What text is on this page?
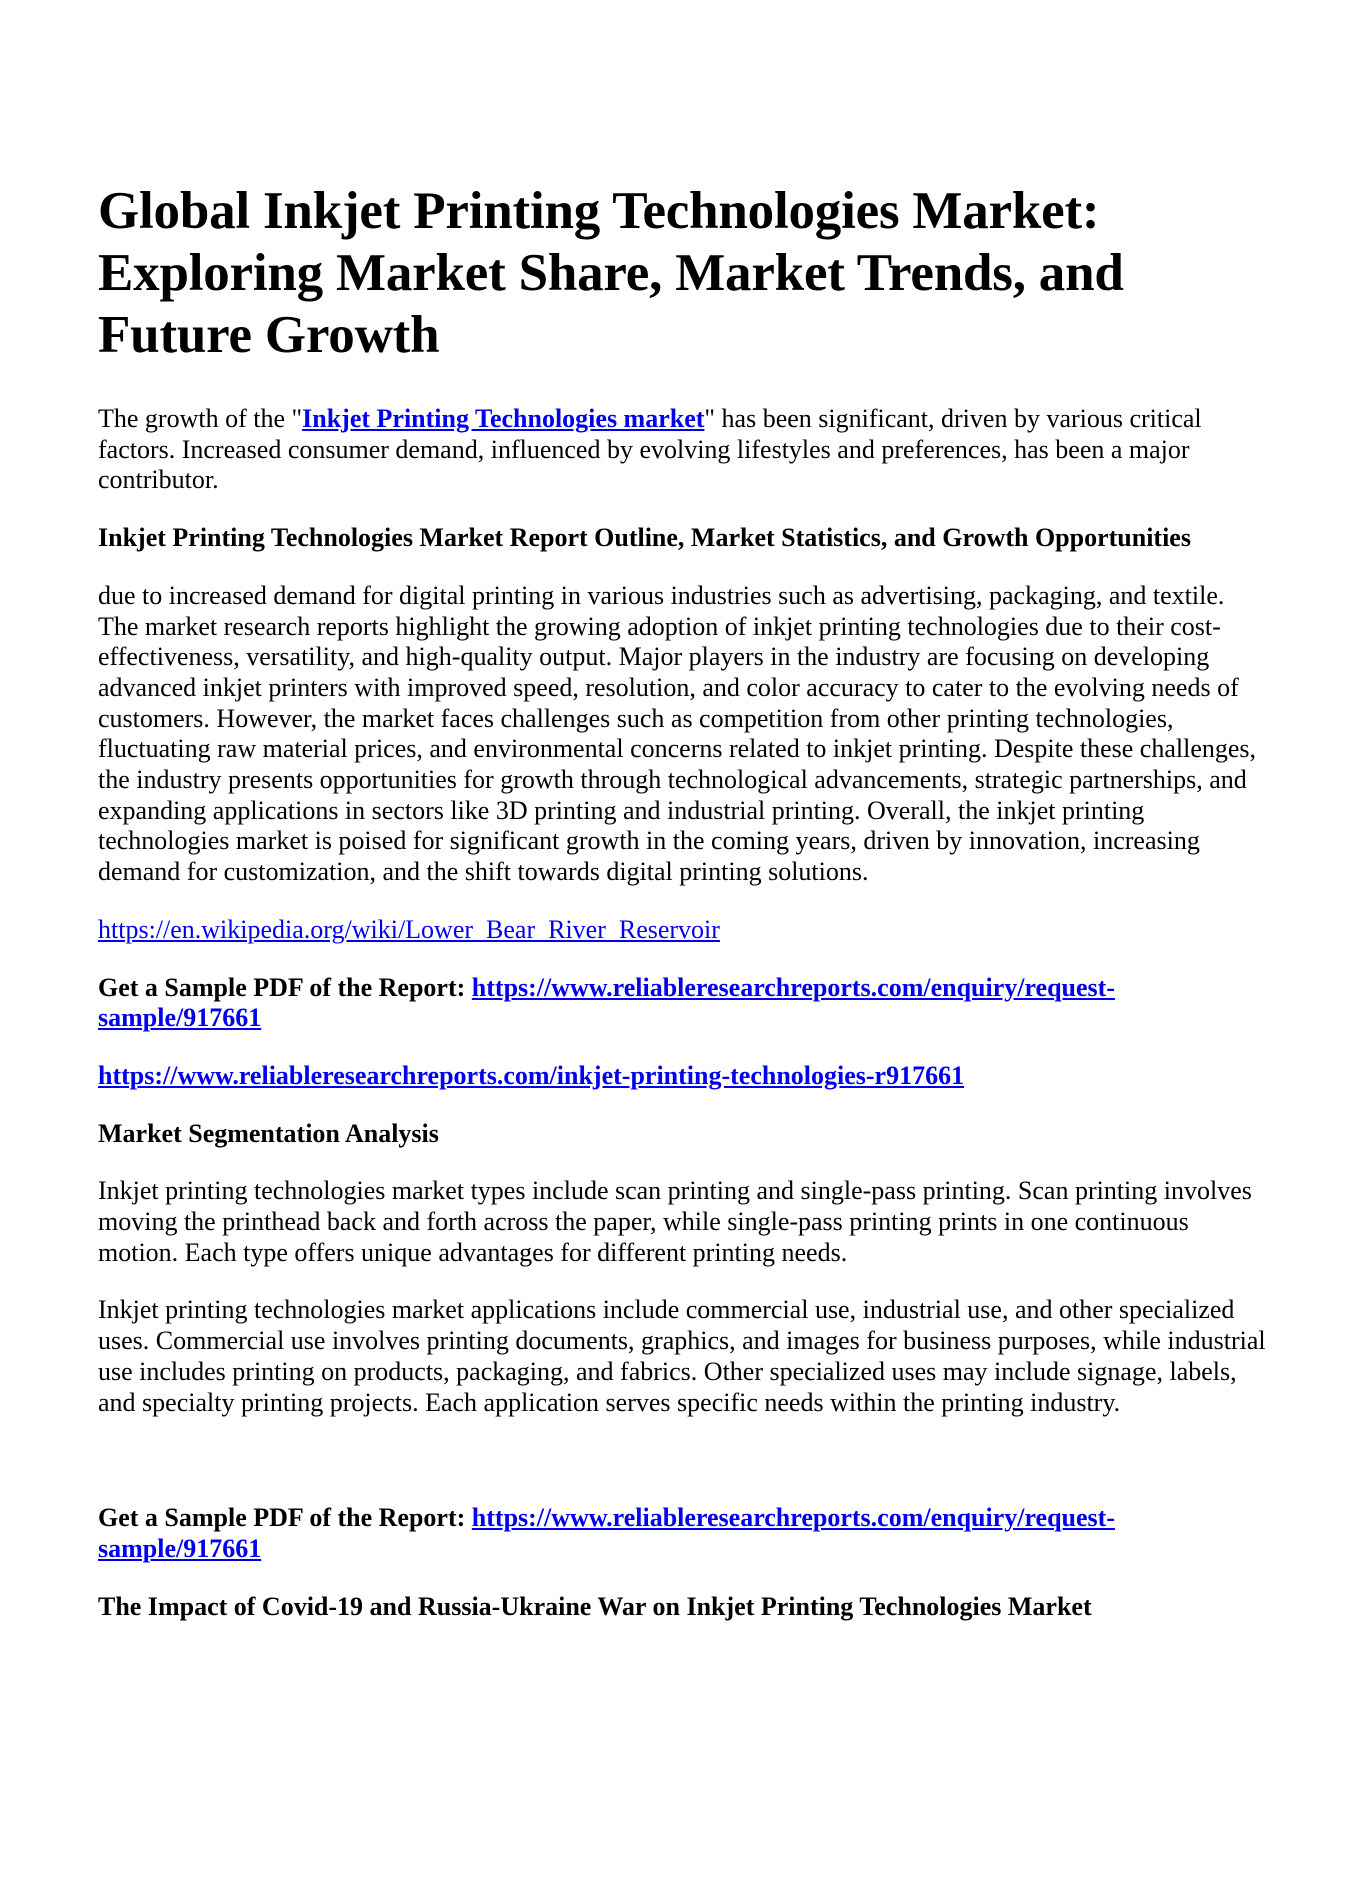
Global Inkjet Printing Technologies Market: Exploring Market Share, Market Trends, and Future Growth

The growth of the "Inkjet Printing Technologies market" has been significant, driven by various critical factors. Increased consumer demand, influenced by evolving lifestyles and preferences, has been a major contributor.

Inkjet Printing Technologies Market Report Outline, Market Statistics, and Growth Opportunities

due to increased demand for digital printing in various industries such as advertising, packaging, and textile. The market research reports highlight the growing adoption of inkjet printing technologies due to their cost-effectiveness, versatility, and high-quality output. Major players in the industry are focusing on developing advanced inkjet printers with improved speed, resolution, and color accuracy to cater to the evolving needs of customers. However, the market faces challenges such as competition from other printing technologies, fluctuating raw material prices, and environmental concerns related to inkjet printing. Despite these challenges, the industry presents opportunities for growth through technological advancements, strategic partnerships, and expanding applications in sectors like 3D printing and industrial printing. Overall, the inkjet printing technologies market is poised for significant growth in the coming years, driven by innovation, increasing demand for customization, and the shift towards digital printing solutions.

https://en.wikipedia.org/wiki/Lower_Bear_River_Reservoir

Get a Sample PDF of the Report: https://www.reliableresearchreports.com/enquiry/request-sample/917661

https://www.reliableresearchreports.com/inkjet-printing-technologies-r917661

Market Segmentation Analysis

Inkjet printing technologies market types include scan printing and single-pass printing. Scan printing involves moving the printhead back and forth across the paper, while single-pass printing prints in one continuous motion. Each type offers unique advantages for different printing needs.

Inkjet printing technologies market applications include commercial use, industrial use, and other specialized uses. Commercial use involves printing documents, graphics, and images for business purposes, while industrial use includes printing on products, packaging, and fabrics. Other specialized uses may include signage, labels, and specialty printing projects. Each application serves specific needs within the printing industry.

Get a Sample PDF of the Report: https://www.reliableresearchreports.com/enquiry/request-sample/917661

The Impact of Covid-19 and Russia-Ukraine War on Inkjet Printing Technologies Market
